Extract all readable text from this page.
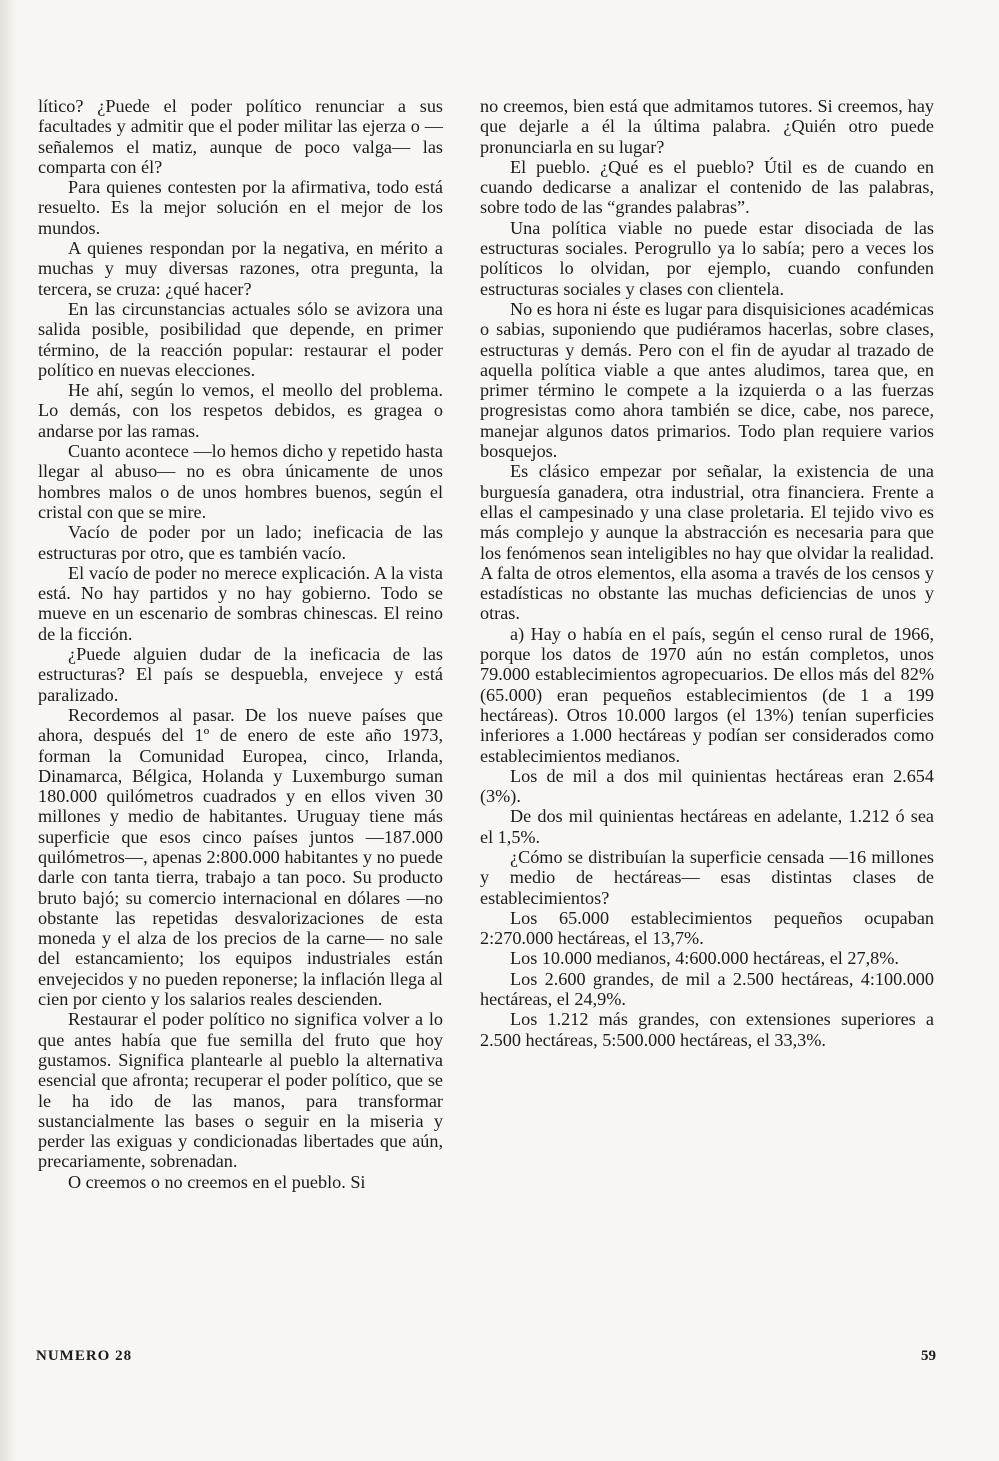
lítico? ¿Puede el poder político renunciar a sus facultades y admitir que el poder militar las ejerza o —señalemos el matiz, aunque de poco valga— las comparta con él?

Para quienes contesten por la afirmativa, todo está resuelto. Es la mejor solución en el mejor de los mundos.

A quienes respondan por la negativa, en mérito a muchas y muy diversas razones, otra pregunta, la tercera, se cruza: ¿qué hacer?

En las circunstancias actuales sólo se avizora una salida posible, posibilidad que depende, en primer término, de la reacción popular: restaurar el poder político en nuevas elecciones.

He ahí, según lo vemos, el meollo del problema. Lo demás, con los respetos debidos, es gragea o andarse por las ramas.

Cuanto acontece —lo hemos dicho y repetido hasta llegar al abuso— no es obra únicamente de unos hombres malos o de unos hombres buenos, según el cristal con que se mire.

Vacío de poder por un lado; ineficacia de las estructuras por otro, que es también vacío.

El vacío de poder no merece explicación. A la vista está. No hay partidos y no hay gobierno. Todo se mueve en un escenario de sombras chinescas. El reino de la ficción.

¿Puede alguien dudar de la ineficacia de las estructuras? El país se despuebla, envejece y está paralizado.

Recordemos al pasar. De los nueve países que ahora, después del 1º de enero de este año 1973, forman la Comunidad Europea, cinco, Irlanda, Dinamarca, Bélgica, Holanda y Luxemburgo suman 180.000 quilómetros cuadrados y en ellos viven 30 millones y medio de habitantes. Uruguay tiene más superficie que esos cinco países juntos —187.000 quilómetros—, apenas 2:800.000 habitantes y no puede darle con tanta tierra, trabajo a tan poco. Su producto bruto bajó; su comercio internacional en dólares —no obstante las repetidas desvalorizaciones de esta moneda y el alza de los precios de la carne— no sale del estancamiento; los equipos industriales están envejecidos y no pueden reponerse; la inflación llega al cien por ciento y los salarios reales descienden.

Restaurar el poder político no significa volver a lo que antes había que fue semilla del fruto que hoy gustamos. Significa plantearle al pueblo la alternativa esencial que afronta; recuperar el poder político, que se le ha ido de las manos, para transformar sustancialmente las bases o seguir en la miseria y perder las exiguas y condicionadas libertades que aún, precariamente, sobrenadan.

O creemos o no creemos en el pueblo. Si

no creemos, bien está que admitamos tutores. Si creemos, hay que dejarle a él la última palabra. ¿Quién otro puede pronunciarla en su lugar?

El pueblo. ¿Qué es el pueblo? Útil es de cuando en cuando dedicarse a analizar el contenido de las palabras, sobre todo de las “grandes palabras”.

Una política viable no puede estar disociada de las estructuras sociales. Perogrullo ya lo sabía; pero a veces los políticos lo olvidan, por ejemplo, cuando confunden estructuras sociales y clases con clientela.

No es hora ni éste es lugar para disquisiciones académicas o sabias, suponiendo que pudiéramos hacerlas, sobre clases, estructuras y demás. Pero con el fin de ayudar al trazado de aquella política viable a que antes aludimos, tarea que, en primer término le compete a la izquierda o a las fuerzas progresistas como ahora también se dice, cabe, nos parece, manejar algunos datos primarios. Todo plan requiere varios bosquejos.

Es clásico empezar por señalar, la existencia de una burguesía ganadera, otra industrial, otra financiera. Frente a ellas el campesinado y una clase proletaria. El tejido vivo es más complejo y aunque la abstracción es necesaria para que los fenómenos sean inteligibles no hay que olvidar la realidad. A falta de otros elementos, ella asoma a través de los censos y estadísticas no obstante las muchas deficiencias de unos y otras.

a) Hay o había en el país, según el censo rural de 1966, porque los datos de 1970 aún no están completos, unos 79.000 establecimientos agropecuarios. De ellos más del 82% (65.000) eran pequeños establecimientos (de 1 a 199 hectáreas). Otros 10.000 largos (el 13%) tenían superficies inferiores a 1.000 hectáreas y podían ser considerados como establecimientos medianos.

Los de mil a dos mil quinientas hectáreas eran 2.654 (3%).

De dos mil quinientas hectáreas en adelante, 1.212 ó sea el 1,5%.

¿Cómo se distribuían la superficie censada —16 millones y medio de hectáreas— esas distintas clases de establecimientos?

Los 65.000 establecimientos pequeños ocupaban 2:270.000 hectáreas, el 13,7%.

Los 10.000 medianos, 4:600.000 hectáreas, el 27,8%.

Los 2.600 grandes, de mil a 2.500 hectáreas, 4:100.000 hectáreas, el 24,9%.

Los 1.212 más grandes, con extensiones superiores a 2.500 hectáreas, 5:500.000 hectáreas, el 33,3%.

NUMERO 28	59
